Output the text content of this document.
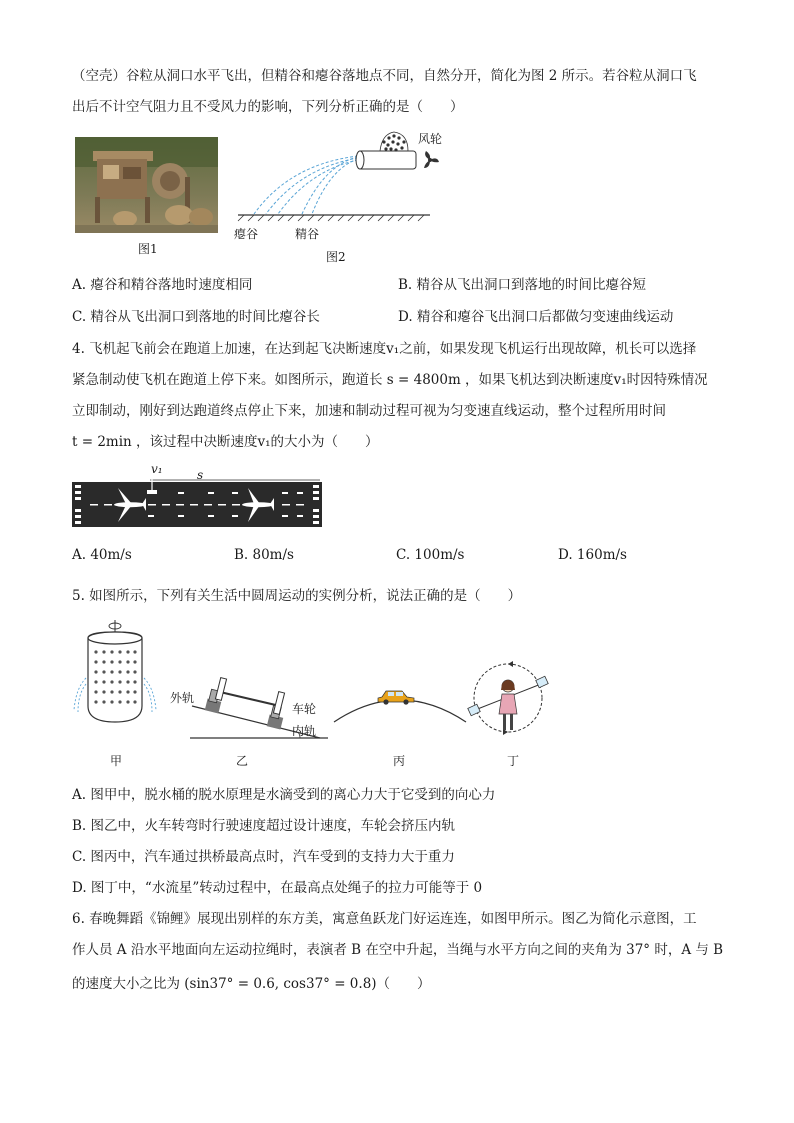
（空壳）谷粒从洞口水平飞出，但精谷和瘪谷落地点不同，自然分开，简化为图 2 所示。若谷粒从洞口飞
出后不计空气阻力且不受风力的影响，下列分析正确的是（　　）
图1
风轮
瘪谷	精谷
图2
A. 瘪谷和精谷落地时速度相同	B. 精谷从飞出洞口到落地的时间比瘪谷短
C. 精谷从飞出洞口到落地的时间比瘪谷长	D. 精谷和瘪谷飞出洞口后都做匀变速曲线运动
4. 飞机起飞前会在跑道上加速，在达到起飞决断速度v₁之前，如果发现飞机运行出现故障，机长可以选择
紧急制动使飞机在跑道上停下来。如图所示，跑道长 s = 4800m ，如果飞机达到决断速度v₁时因特殊情况
立即制动，刚好到达跑道终点停止下来，加速和制动过程可视为匀变速直线运动，整个过程所用时间
t = 2min ，该过程中决断速度v₁的大小为（　　）
v₁	s
A. 40m/s	B. 80m/s	C. 100m/s	D. 160m/s
5. 如图所示，下列有关生活中圆周运动的实例分析，说法正确的是（　　）
甲
外轨
车轮
内轨
乙	丙	丁
A. 图甲中，脱水桶的脱水原理是水滴受到的离心力大于它受到的向心力
B. 图乙中，火车转弯时行驶速度超过设计速度，车轮会挤压内轨
C. 图丙中，汽车通过拱桥最高点时，汽车受到的支持力大于重力
D. 图丁中，“水流星”转动过程中，在最高点处绳子的拉力可能等于 0
6. 春晚舞蹈《锦鲤》展现出别样的东方美，寓意鱼跃龙门好运连连，如图甲所示。图乙为简化示意图，工
作人员 A 沿水平地面向左运动拉绳时，表演者 B 在空中升起，当绳与水平方向之间的夹角为 37° 时，A 与 B
的速度大小之比为 (sin37° = 0.6, cos37° = 0.8)（　　）
